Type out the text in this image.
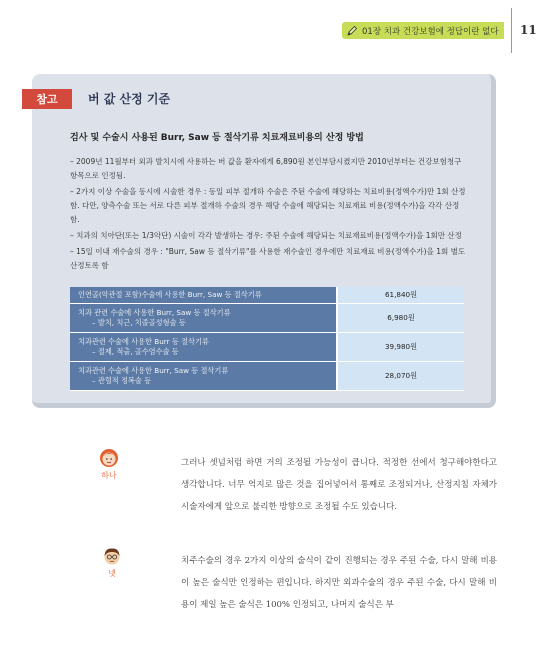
01장 치과 건강보험에 정답이란 없다 11
참고	버 값 산정 기준
검사 및 수술시 사용된 Burr, Saw 등 절삭기류 치료재료비용의 산정 방법
– 2009년 11월부터 외과 발치시에 사용하는 버 값을 환자에게 6,890원 본인부담시켰지만 2010년부터는 건강보험청구항목으로 인정됨.
– 2가지 이상 수술을 동시에 시술한 경우 : 동일 피부 절개하 수술은 주된 수술에 해당하는 치료비용(정액수가)만 1회 산정함. 다만, 양측수술 또는 서로 다른 피부 절개하 수술의 경우 해당 수술에 해당되는 치료재료 비용(정액수가)을 각각 산정함.
– 치과의 치아단(또는 1/3악단) 시술이 각각 발생하는 경우: 주된 수술에 해당되는 치료재료비용(정액수가)을 1회만 산정
– 15일 이내 재수술의 경우 : "Burr, Saw 등 절삭기류"를 사용한 재수술인 경우에만 치료재료 비용(정액수가)을 1회 별도 산정토록 함
인연골(악관절 포함)수술에 사용한 Burr, Saw 등 절삭기류	61,840원
치과 관련 수술에 사용한 Burr, Saw 등 절삭기류
– 발치, 치근, 치졸골성형술 등	6,980원
치과관련 수술에 사용한 Burr 등 절삭기류
– 절제, 적출, 골수염수술 등	39,980원
치과관련 수술에 사용한 Burr, Saw 등 절삭기류
– 관혈적 정복술 등	28,070원
하나
그러나 셋넘처럼 하면 거의 조정될 가능성이 큽니다. 적정한 선에서 청구해야한다고 생각합니다. 너무 억지로 많은 것을 집어넣어서 통째로 조정되거나, 산정지침 자체가 시술자에게 앞으로 불리한 방향으로 조정될 수도 있습니다.
넷
치주수술의 경우 2가지 이상의 술식이 같이 진행되는 경우 주된 수술, 다시 말해 비용이 높은 술식만 인정하는 편입니다. 하지만 외과수술의 경우 주된 수술, 다시 말해 비용이 제일 높은 술식은 100% 인정되고, 나머지 술식은 부
